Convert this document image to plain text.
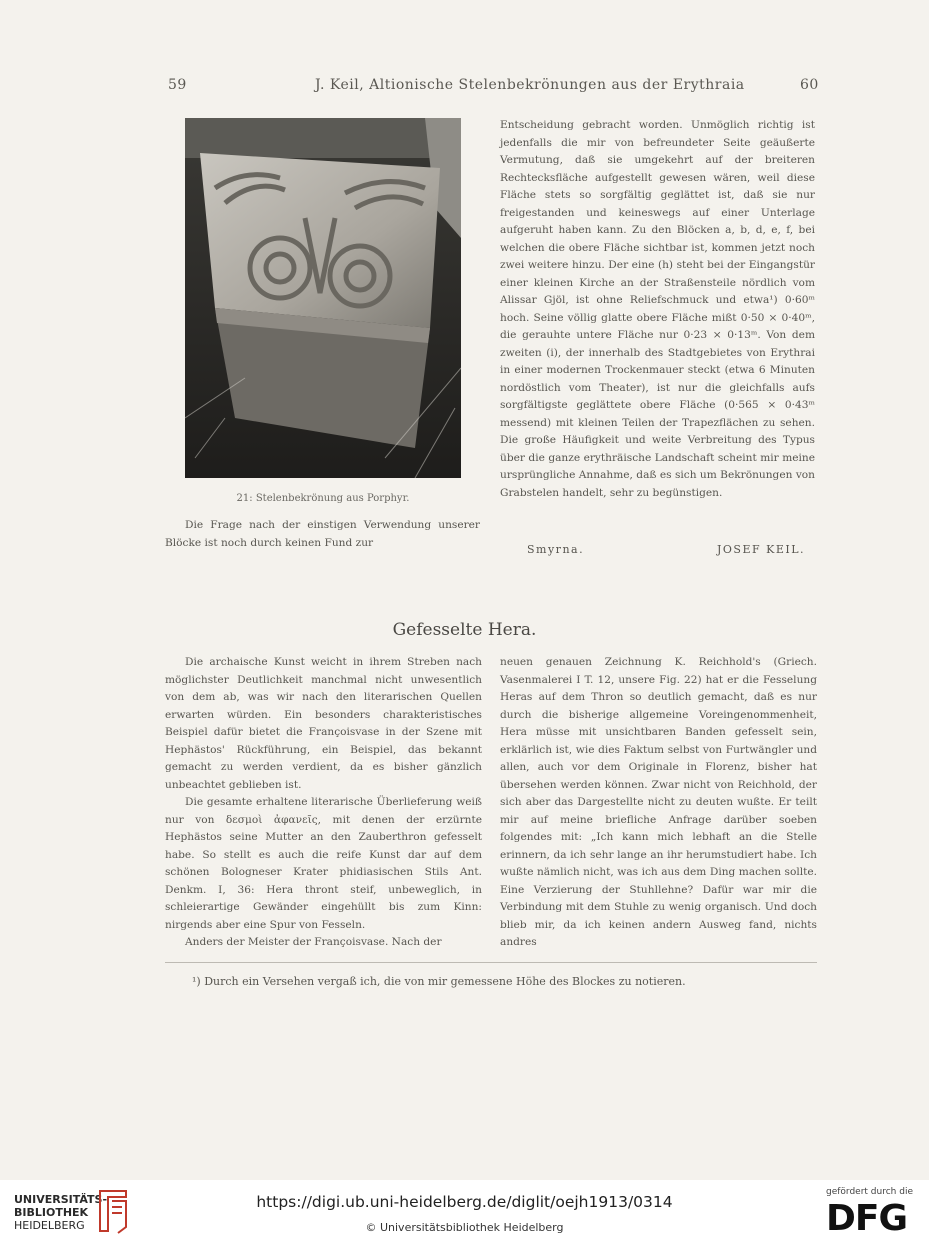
59	J. Keil, Altionische Stelenbekrönungen aus der Erythraia	60
21: Stelenbekrönung aus Porphyr.

Die Frage nach der einstigen Verwendung unserer Blöcke ist noch durch keinen Fund zur

Entscheidung gebracht worden. Unmöglich richtig ist jedenfalls die mir von befreundeter Seite geäußerte Vermutung, daß sie umgekehrt auf der breiteren Rechtecksfläche aufgestellt gewesen wären, weil diese Fläche stets so sorgfältig geglättet ist, daß sie nur freigestanden und keineswegs auf einer Unterlage aufgeruht haben kann. Zu den Blöcken a, b, d, e, f, bei welchen die obere Fläche sichtbar ist, kommen jetzt noch zwei weitere hinzu. Der eine (h) steht bei der Eingangstür einer kleinen Kirche an der Straßensteile nördlich vom Alissar Gjöl, ist ohne Reliefschmuck und etwa¹) 0·60ᵐ hoch. Seine völlig glatte obere Fläche mißt 0·50 × 0·40ᵐ, die gerauhte untere Fläche nur 0·23 × 0·13ᵐ. Von dem zweiten (i), der innerhalb des Stadtgebietes von Erythrai in einer modernen Trockenmauer steckt (etwa 6 Minuten nordöstlich vom Theater), ist nur die gleichfalls aufs sorgfältigste geglättete obere Fläche (0·565 × 0·43ᵐ messend) mit kleinen Teilen der Trapezflächen zu sehen. Die große Häufigkeit und weite Verbreitung des Typus über die ganze erythräische Landschaft scheint mir meine ursprüngliche Annahme, daß es sich um Bekrönungen von Grabstelen handelt, sehr zu begünstigen.

Smyrna.	JOSEF KEIL.
Gefesselte Hera.

Die archaische Kunst weicht in ihrem Streben nach möglichster Deutlichkeit manchmal nicht unwesentlich von dem ab, was wir nach den literarischen Quellen erwarten würden. Ein besonders charakteristisches Beispiel dafür bietet die Françoisvase in der Szene mit Hephästos' Rückführung, ein Beispiel, das bekannt gemacht zu werden verdient, da es bisher gänzlich unbeachtet geblieben ist.

Die gesamte erhaltene literarische Überlieferung weiß nur von δεσμοὶ ἀφανεῖς, mit denen der erzürnte Hephästos seine Mutter an den Zauberthron gefesselt habe. So stellt es auch die reife Kunst dar auf dem schönen Bologneser Krater phidiasischen Stils Ant. Denkm. I, 36: Hera thront steif, unbeweglich, in schleierartige Gewänder eingehüllt bis zum Kinn: nirgends aber eine Spur von Fesseln.

Anders der Meister der Françoisvase. Nach der

neuen genauen Zeichnung K. Reichhold's (Griech. Vasenmalerei I T. 12, unsere Fig. 22) hat er die Fesselung Heras auf dem Thron so deutlich gemacht, daß es nur durch die bisherige allgemeine Voreingenommenheit, Hera müsse mit unsichtbaren Banden gefesselt sein, erklärlich ist, wie dies Faktum selbst von Furtwängler und allen, auch vor dem Originale in Florenz, bisher hat übersehen werden können. Zwar nicht von Reichhold, der sich aber das Dargestellte nicht zu deuten wußte. Er teilt mir auf meine briefliche Anfrage darüber soeben folgendes mit: „Ich kann mich lebhaft an die Stelle erinnern, da ich sehr lange an ihr herumstudiert habe. Ich wußte nämlich nicht, was ich aus dem Ding machen sollte. Eine Verzierung der Stuhllehne? Dafür war mir die Verbindung mit dem Stuhle zu wenig organisch. Und doch blieb mir, da ich keinen andern Ausweg fand, nichts andres

¹) Durch ein Versehen vergaß ich, die von mir gemessene Höhe des Blockes zu notieren.
UNIVERSITÄTS-
BIBLIOTHEK
HEIDELBERG
https://digi.ub.uni-heidelberg.de/diglit/oejh1913/0314
© Universitätsbibliothek Heidelberg
gefördert durch die
DFG
